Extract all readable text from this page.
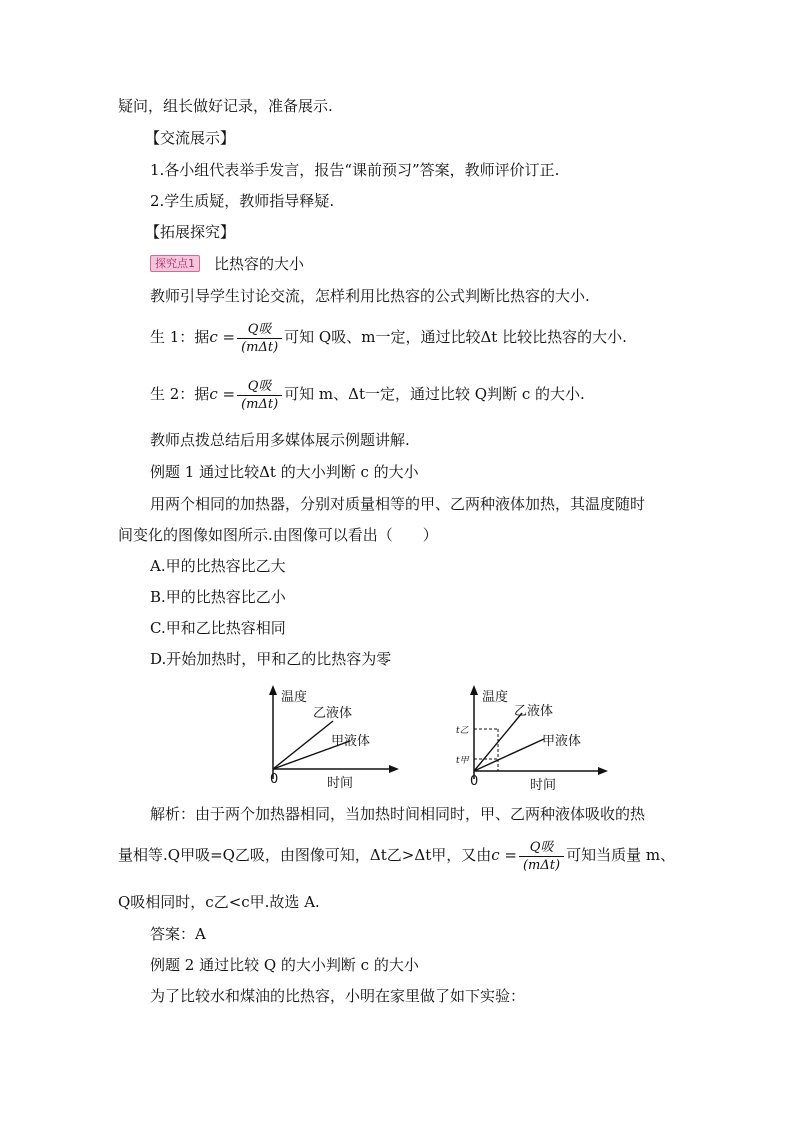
疑问，组长做好记录，准备展示.
【交流展示】
1.各小组代表举手发言，报告“课前预习”答案，教师评价订正.
2.学生质疑，教师指导释疑.
【拓展探究】
探究点1 比热容的大小
教师引导学生讨论交流，怎样利用比热容的公式判断比热容的大小.
生 1：据$c = \frac{\text{Q吸}}{\text{(mΔt)}}$ 可知 Q吸、m一定，通过比较Δt 比较比热容的大小.
生 2：据$c = \frac{\text{Q吸}}{\text{(mΔt)}}$ 可知 m、Δt一定，通过比较 Q判断 c 的大小.
教师点拨总结后用多媒体展示例题讲解.
例题 1 通过比较Δt 的大小判断 c 的大小
用两个相同的加热器，分别对质量相等的甲、乙两种液体加热，其温度随时
间变化的图像如图所示.由图像可以看出（　　）
A.甲的比热容比乙大
B.甲的比热容比乙小
C.甲和乙比热容相同
D.开始加热时，甲和乙的比热容为零
温度
乙液体
甲液体
0	时间
温度
乙液体
甲液体
t乙
t甲
0	时间
解析：由于两个加热器相同，当加热时间相同时，甲、乙两种液体吸收的热
量相等.Q甲吸=Q乙吸，由图像可知，Δt乙>Δt甲，又由$c = \frac{\text{Q吸}}{\text{(mΔt)}}$ 可知当质量 m、
Q吸相同时，c乙<c甲.故选 A.
答案：A
例题 2 通过比较 Q 的大小判断 c 的大小
为了比较水和煤油的比热容，小明在家里做了如下实验：
